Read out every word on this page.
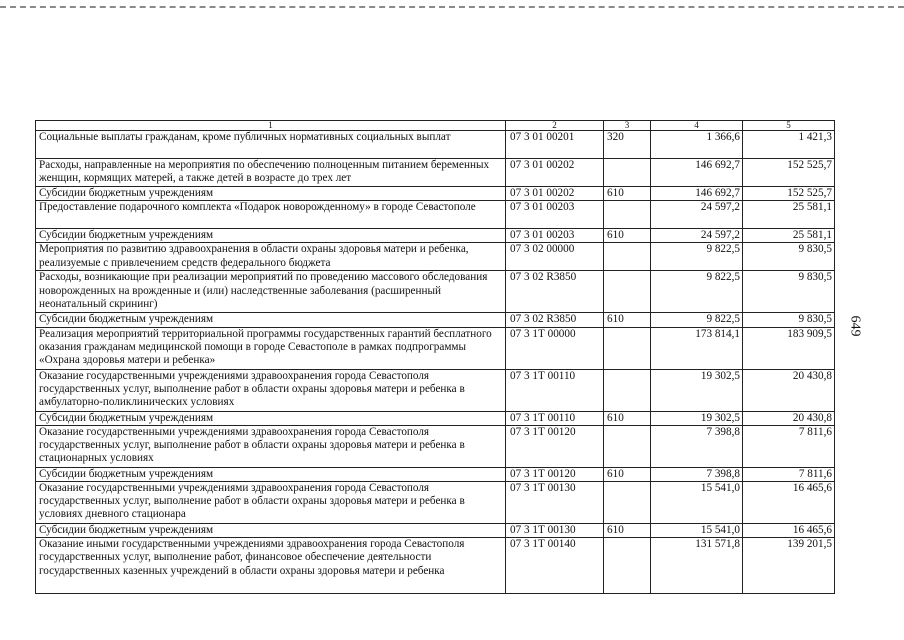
649
1	2	3	4	5
Социальные выплаты гражданам, кроме публичных нормативных социальных выплат	07 3 01 00201	320	1 366,6	1 421,3
Расходы, направленные на мероприятия по обеспечению полноценным питанием беременных женщин, кормящих матерей, а также детей в возрасте до трех лет	07 3 01 00202		146 692,7	152 525,7
Субсидии бюджетным учреждениям	07 3 01 00202	610	146 692,7	152 525,7
Предоставление подарочного комплекта «Подарок новорожденному» в городе Севастополе	07 3 01 00203		24 597,2	25 581,1
Субсидии бюджетным учреждениям	07 3 01 00203	610	24 597,2	25 581,1
Мероприятия по развитию здравоохранения в области охраны здоровья матери и ребенка, реализуемые с привлечением средств федерального бюджета	07 3 02 00000		9 822,5	9 830,5
Расходы, возникающие при реализации мероприятий по проведению массового обследования новорожденных на врожденные и (или) наследственные заболевания (расширенный неонатальный скрининг)	07 3 02 R3850		9 822,5	9 830,5
Субсидии бюджетным учреждениям	07 3 02 R3850	610	9 822,5	9 830,5
Реализация мероприятий территориальной программы государственных гарантий бесплатного оказания гражданам медицинской помощи в городе Севастополе в рамках подпрограммы «Охрана здоровья матери и ребенка»	07 3 1Т 00000		173 814,1	183 909,5
Оказание государственными учреждениями здравоохранения города Севастополя государственных услуг, выполнение работ в области охраны здоровья матери и ребенка в амбулаторно-поликлинических условиях	07 3 1Т 00110		19 302,5	20 430,8
Субсидии бюджетным учреждениям	07 3 1Т 00110	610	19 302,5	20 430,8
Оказание государственными учреждениями здравоохранения города Севастополя государственных услуг, выполнение работ в области охраны здоровья матери и ребенка в стационарных условиях	07 3 1Т 00120		7 398,8	7 811,6
Субсидии бюджетным учреждениям	07 3 1Т 00120	610	7 398,8	7 811,6
Оказание государственными учреждениями здравоохранения города Севастополя государственных услуг, выполнение работ в области охраны здоровья матери и ребенка в условиях дневного стационара	07 3 1Т 00130		15 541,0	16 465,6
Субсидии бюджетным учреждениям	07 3 1Т 00130	610	15 541,0	16 465,6
Оказание иными государственными учреждениями здравоохранения города Севастополя государственных услуг, выполнение работ, финансовое обеспечение деятельности государственных казенных учреждений в области охраны здоровья матери и ребенка	07 3 1Т 00140		131 571,8	139 201,5
